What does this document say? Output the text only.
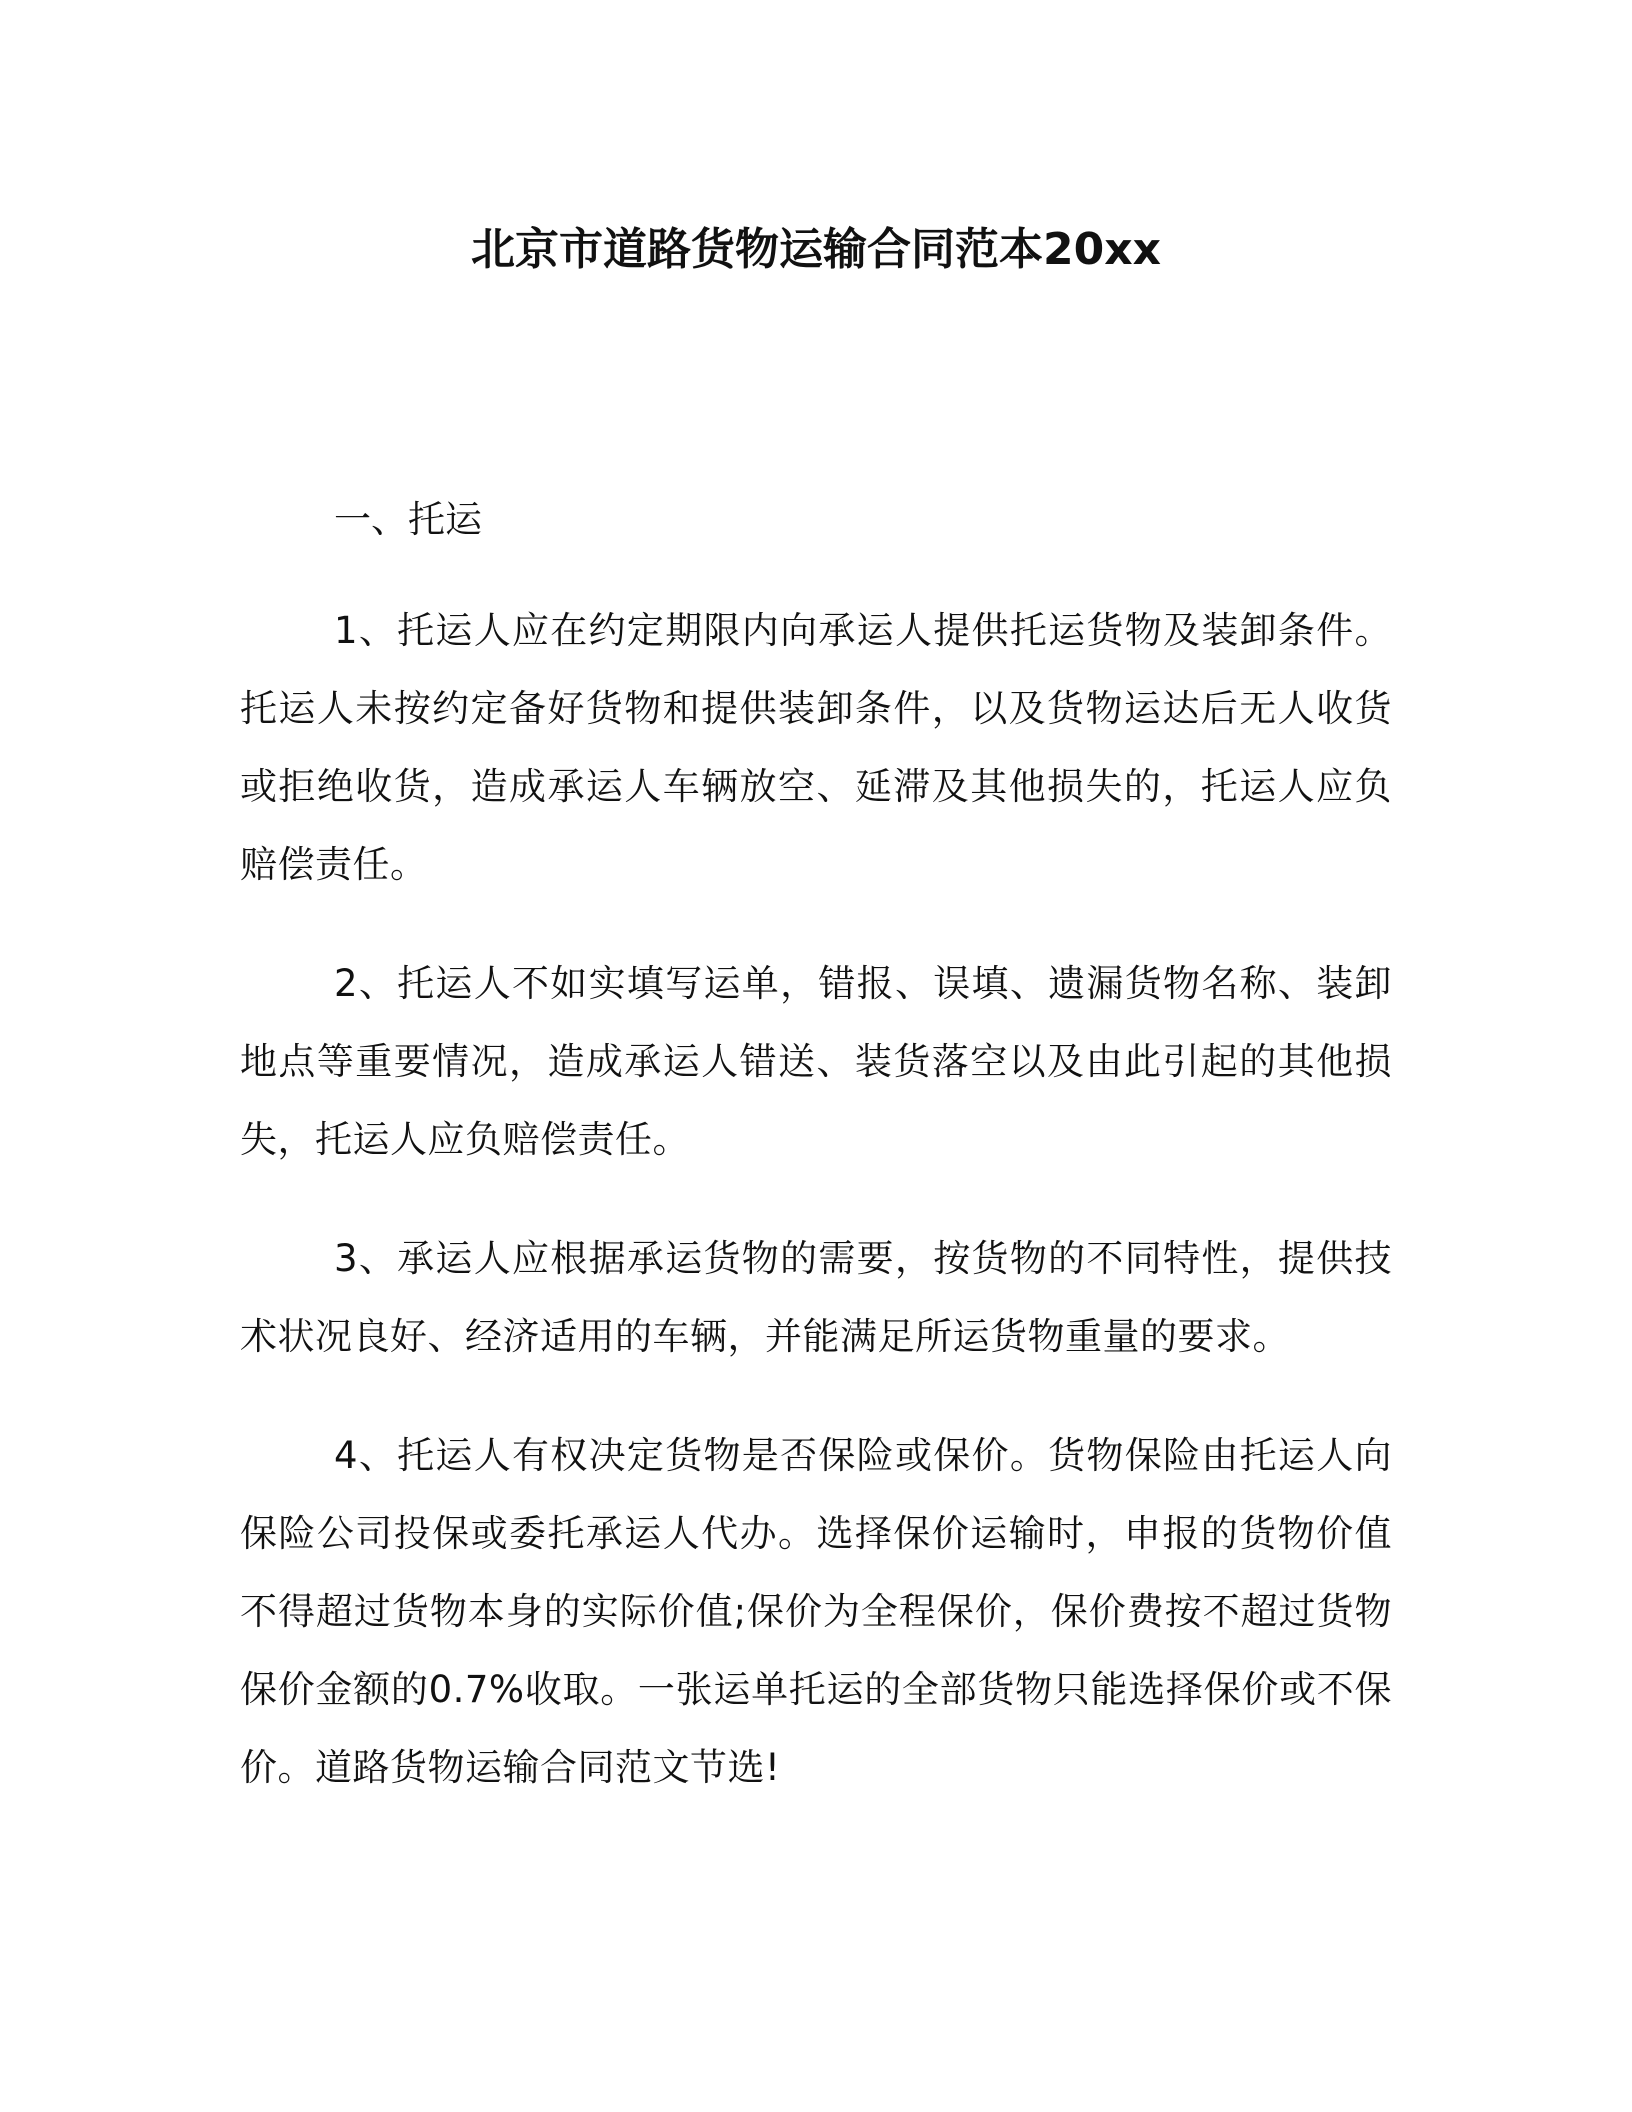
北京市道路货物运输合同范本20xx
一、托运

1、托运人应在约定期限内向承运人提供托运货物及装卸条件。托运人未按约定备好货物和提供装卸条件，以及货物运达后无人收货或拒绝收货，造成承运人车辆放空、延滞及其他损失的，托运人应负赔偿责任。

2、托运人不如实填写运单，错报、误填、遗漏货物名称、装卸地点等重要情况，造成承运人错送、装货落空以及由此引起的其他损失，托运人应负赔偿责任。

3、承运人应根据承运货物的需要，按货物的不同特性，提供技术状况良好、经济适用的车辆，并能满足所运货物重量的要求。

4、托运人有权决定货物是否保险或保价。货物保险由托运人向保险公司投保或委托承运人代办。选择保价运输时，申报的货物价值不得超过货物本身的实际价值;保价为全程保价，保价费按不超过货物保价金额的0.7%收取。一张运单托运的全部货物只能选择保价或不保价。道路货物运输合同范文节选!
